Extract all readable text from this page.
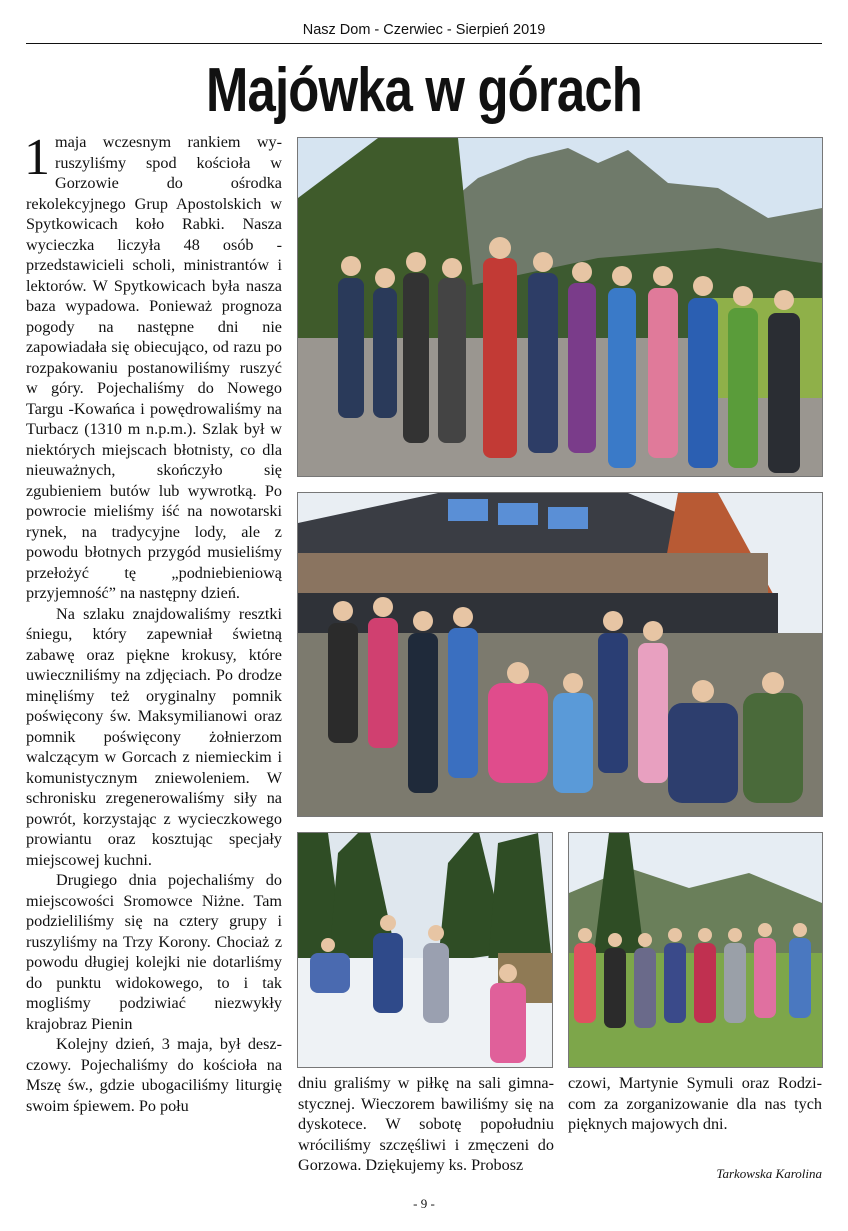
Nasz Dom - Czerwiec - Sierpień 2019
Majówka w górach

1 maja wczesnym rankiem wyruszyliśmy spod kościoła w Gorzowie do ośrodka rekolekcyjnego Grup Apostolskich w Spytkowicach koło Rabki. Nasza wycieczka liczyła 48 osób - przedstawicieli scholi, ministrantów i lektorów. W Spytkowicach była nasza baza wypadowa. Ponieważ prognoza pogody na następne dni nie zapowiadała się obiecująco, od razu po rozpakowaniu postanowiliśmy ruszyć w góry. Pojechaliśmy do Nowego Targu -Kowańca i powędrowaliśmy na Turbacz (1310 m n.p.m.). Szlak był w niektórych miejscach błotnisty, co dla nieuważnych, skończyło się zgubieniem butów lub wywrotką. Po powrocie mieliśmy iść na nowotarski rynek, na tradycyjne lody, ale z powodu błotnych przygód musieliśmy przełożyć tę „podniebieniową przyjemność” na następny dzień.

Na szlaku znajdowaliśmy resztki śniegu, który zapewniał świetną zabawę oraz piękne krokusy, które uwieczniliśmy na zdjęciach. Po drodze minęliśmy też oryginalny pomnik poświęcony św. Maksymilianowi oraz pomnik poświęcony żołnierzom walczącym w Gorcach z niemieckim i komunistycznym zniewoleniem. W schronisku zregenerowaliśmy siły na powrót, korzystając z wycieczkowego prowiantu oraz kosztując specjały miejscowej kuchni.

Drugiego dnia pojechaliśmy do miejscowości Sromowce Niżne. Tam podzieliliśmy się na cztery grupy i ruszyliśmy na Trzy Korony. Chociaż z powodu długiej kolejki nie dotarliśmy do punktu widokowego, to i tak mogliśmy podziwiać niezwykły krajobraz Pienin

Kolejny dzień, 3 maja, był deszczowy. Pojechaliśmy do kościoła na Mszę św., gdzie ubogaciliśmy liturgię swoim śpiewem. Po połu

dniu graliśmy w piłkę na sali gimnastycznej. Wieczorem bawiliśmy się na dyskotece. W sobotę popołudniu wróciliśmy szczęśliwi i zmęczeni do Gorzowa. Dziękujemy ks. Probosz

czowi, Martynie Symuli oraz Rodzicom za zorganizowanie dla nas tych pięknych majowych dni.

Tarkowska Karolina
- 9 -
